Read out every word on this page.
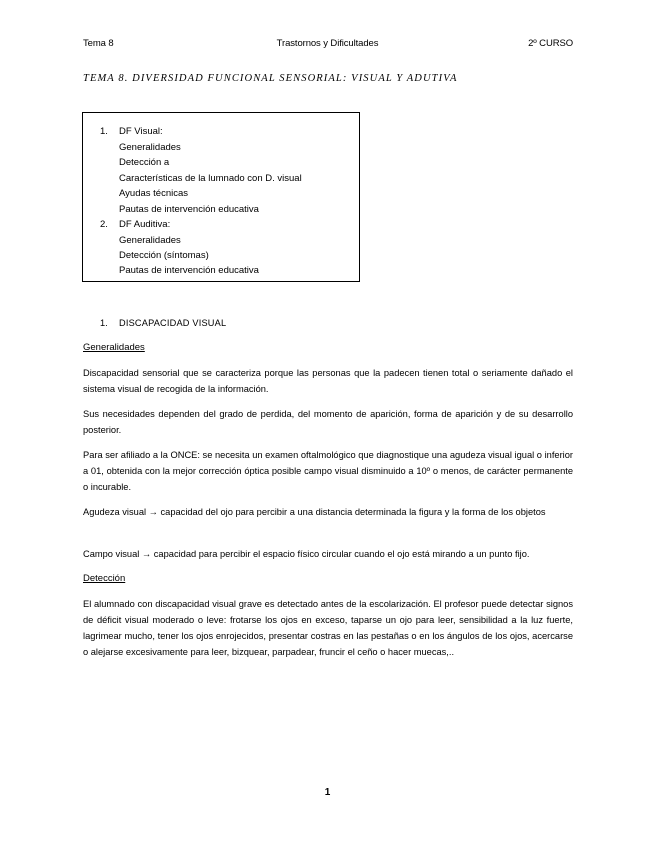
Tema 8	Trastornos y Dificultades	2º CURSO
TEMA 8. DIVERSIDAD FUNCIONAL SENSORIAL: VISUAL Y ADUTIVA
1. DF Visual:
Generalidades
Detección a
Características de la lumnado con D. visual
Ayudas técnicas
Pautas de intervención educativa
2. DF Auditiva:
Generalidades
Detección (síntomas)
Pautas de intervención educativa
1. DISCAPACIDAD VISUAL
Generalidades
Discapacidad sensorial que se caracteriza porque las personas que la padecen tienen total o seriamente dañado el sistema visual de recogida de la información.
Sus necesidades dependen del grado de perdida, del momento de aparición, forma de aparición y de su desarrollo posterior.
Para ser afiliado a la ONCE: se necesita un examen oftalmológico que diagnostique una agudeza visual igual o inferior a 01, obtenida con la mejor corrección óptica posible campo visual disminuido a 10º o menos, de carácter permanente o incurable.
Agudeza visual → capacidad del ojo para percibir a una distancia determinada la figura y la forma de los objetos
Campo visual → capacidad para percibir el espacio físico circular cuando el ojo está mirando a un punto fijo.
Detección
El alumnado con discapacidad visual grave es detectado antes de la escolarización. El profesor puede detectar signos de déficit visual moderado o leve: frotarse los ojos en exceso, taparse un ojo para leer, sensibilidad a la luz fuerte, lagrimear mucho, tener los ojos enrojecidos, presentar costras en las pestañas o en los ángulos de los ojos, acercarse o alejarse excesivamente para leer, bizquear, parpadear, fruncir el ceño o hacer muecas,..
1
